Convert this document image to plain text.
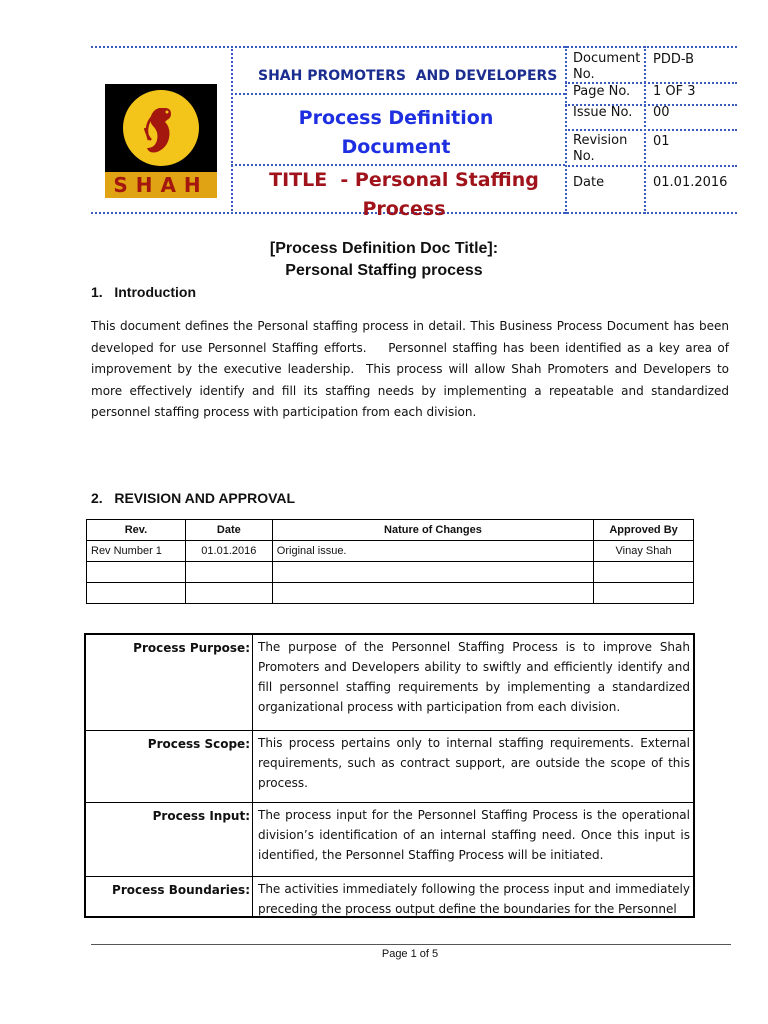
SHAH
SHAH PROMOTERS  AND DEVELOPERS
Process Definition
Document
TITLE  - Personal Staffing
Process
Document No.
PDD-B
Page No. 1 OF 3
Issue No. 00
Revision No.
01
Date	01.01.2016
[Process Definition Doc Title]:
Personal Staffing process
1.   Introduction
This document defines the Personal staffing process in detail. This Business Process Document has been developed for use Personnel Staffing efforts.    Personnel staffing has been identified as a key area of improvement by the executive leadership.  This process will allow Shah Promoters and Developers to more effectively identify and fill its staffing needs by implementing a repeatable and standardized personnel staffing process with participation from each division.
2.   REVISION AND APPROVAL
Rev.	Date	Nature of Changes	Approved By
Rev Number 1	01.01.2016	Original issue.	Vinay Shah

Process Purpose: The purpose of the Personnel Staffing Process is to improve Shah Promoters and Developers ability to swiftly and efficiently identify and fill personnel staffing requirements by implementing a standardized organizational process with participation from each division.
Process Scope: This process pertains only to internal staffing requirements. External requirements, such as contract support, are outside the scope of this process.
Process Input: The process input for the Personnel Staffing Process is the operational division’s identification of an internal staffing need. Once this input is identified, the Personnel Staffing Process will be initiated.
Process Boundaries: The activities immediately following the process input and immediately preceding the process output define the boundaries for the Personnel
Page 1 of 5
